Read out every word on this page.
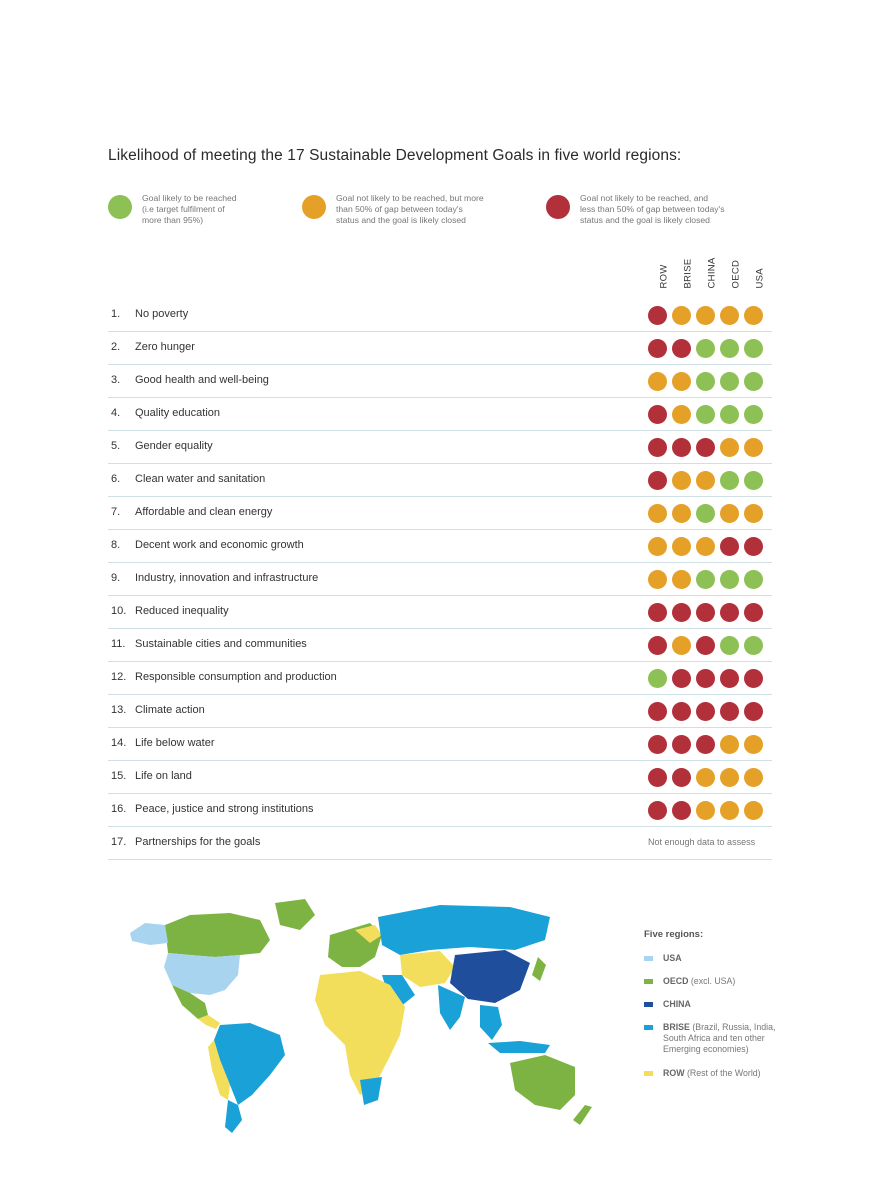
Likelihood of meeting the 17 Sustainable Development Goals in five world regions:
Goal likely to be reached
(i.e target fulfilment of
more than 95%)
Goal not likely to be reached, but more
than 50% of gap between today's
status and the goal is likely closed
Goal not likely to be reached, and
less than 50% of gap between today's
status and the goal is likely closed
ROW BRISE CHINA OECD USA
1. No poverty
2. Zero hunger
3. Good health and well-being
4. Quality education
5. Gender equality
6. Clean water and sanitation
7. Affordable and clean energy
8. Decent work and economic growth
9. Industry, innovation and infrastructure
10. Reduced inequality
11. Sustainable cities and communities
12. Responsible consumption and production
13. Climate action
14. Life below water
15. Life on land
16. Peace, justice and strong institutions
17. Partnerships for the goals	Not enough data to assess
Five regions:
USA
OECD (excl. USA)
CHINA
BRISE (Brazil, Russia, India, South Africa and ten other Emerging economies)
ROW (Rest of the World)
